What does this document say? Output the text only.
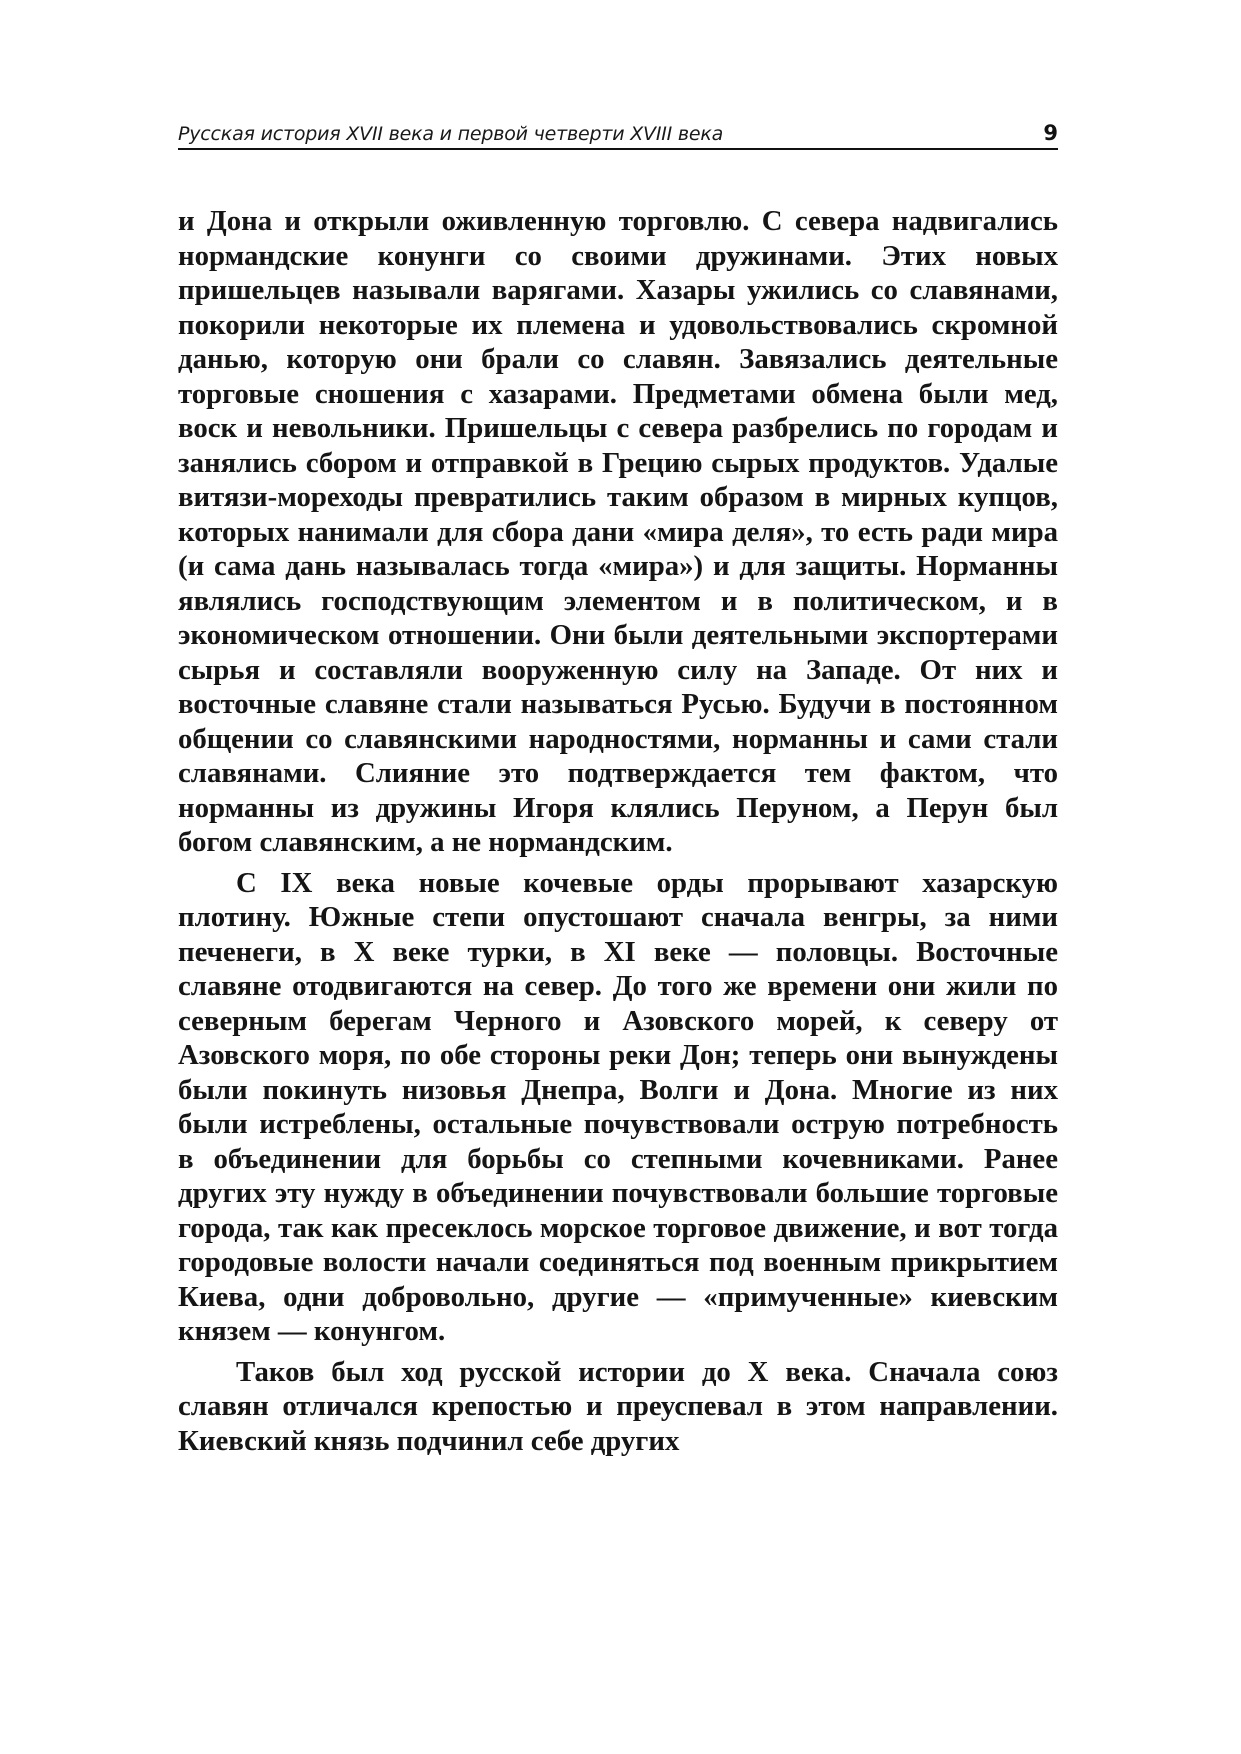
Русская история XVII века и первой четверти XVIII века	9

и Дона и открыли оживленную торговлю. С севера надвигались нормандские конунги со своими дружинами. Этих новых пришельцев называли варягами. Хазары ужились со славянами, покорили некоторые их племена и удовольствовались скромной данью, которую они брали со славян. Завязались деятельные торговые сношения с хазарами. Предметами обмена были мед, воск и невольники. Пришельцы с севера разбрелись по городам и занялись сбором и отправкой в Грецию сырых продуктов. Удалые витязи-мореходы превратились таким образом в мирных купцов, которых нанимали для сбора дани «мира деля», то есть ради мира (и сама дань называлась тогда «мира») и для защиты. Норманны являлись господствующим элементом и в политическом, и в экономическом отношении. Они были деятельными экспортерами сырья и составляли вооруженную силу на Западе. От них и восточные славяне стали называться Русью. Будучи в постоянном общении со славянскими народностями, норманны и сами стали славянами. Слияние это подтверждается тем фактом, что норманны из дружины Игоря клялись Перуном, а Перун был богом славянским, а не нормандским.

С IX века новые кочевые орды прорывают хазарскую плотину. Южные степи опустошают сначала венгры, за ними печенеги, в X веке турки, в XI веке — половцы. Восточные славяне отодвигаются на север. До того же времени они жили по северным берегам Черного и Азовского морей, к северу от Азовского моря, по обе стороны реки Дон; теперь они вынуждены были покинуть низовья Днепра, Волги и Дона. Многие из них были истреблены, остальные почувствовали острую потребность в объединении для борьбы со степными кочевниками. Ранее других эту нужду в объединении почувствовали большие торговые города, так как пресеклось морское торговое движение, и вот тогда городовые волости начали соединяться под военным прикрытием Киева, одни добровольно, другие — «примученные» киевским князем — конунгом.

Таков был ход русской истории до X века. Сначала союз славян отличался крепостью и преуспевал в этом направлении. Киевский князь подчинил себе других
